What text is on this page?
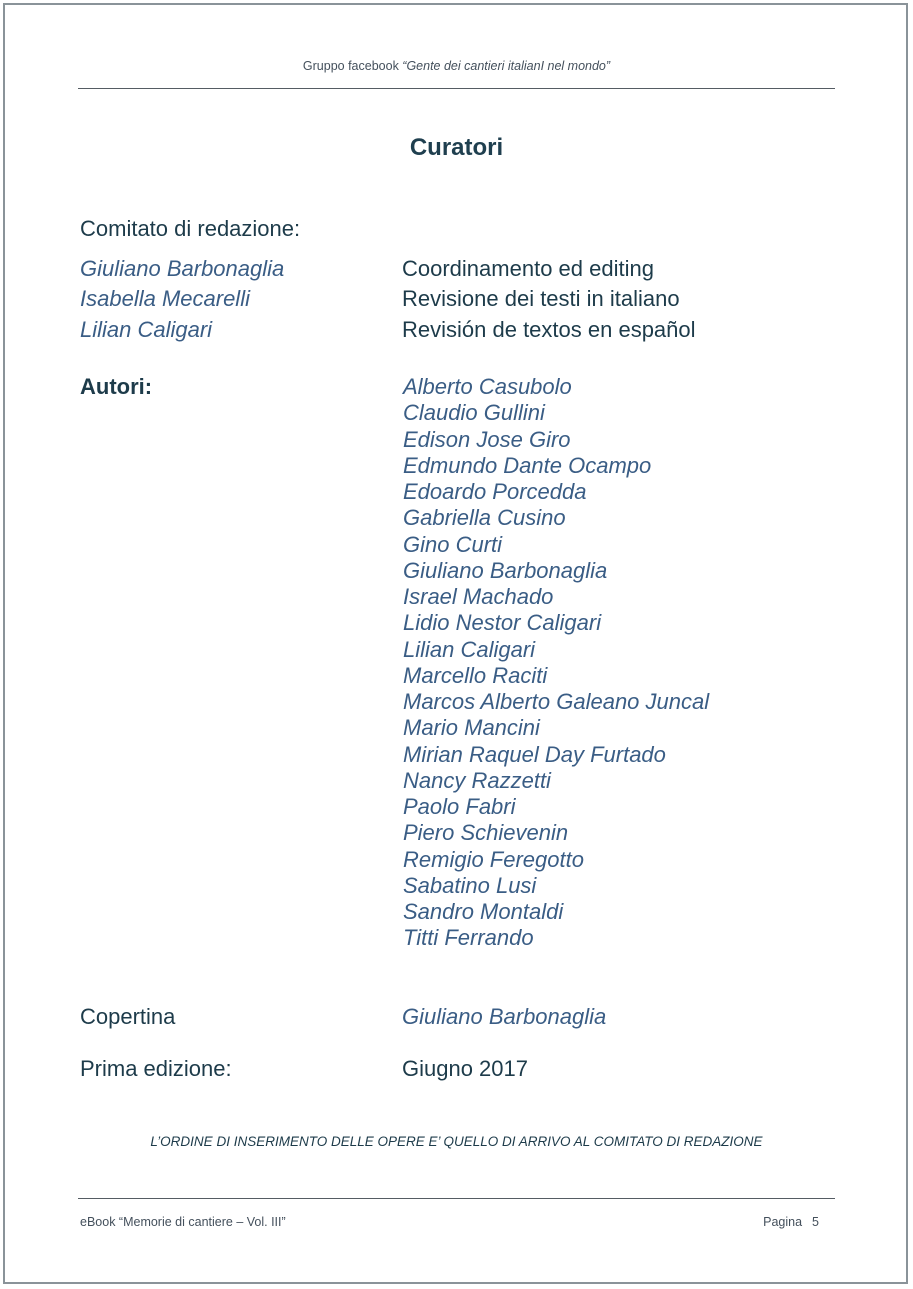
Gruppo facebook “Gente dei cantieri italianI nel mondo”
Curatori
Comitato di redazione:
Giuliano Barbonaglia	Coordinamento ed editing
Isabella Mecarelli	Revisione dei testi in italiano
Lilian Caligari	Revisión de textos en español
Autori:	Alberto Casubolo
Claudio Gullini
Edison Jose Giro
Edmundo Dante Ocampo
Edoardo Porcedda
Gabriella Cusino
Gino Curti
Giuliano Barbonaglia
Israel Machado
Lidio Nestor Caligari
Lilian Caligari
Marcello Raciti
Marcos Alberto Galeano Juncal
Mario Mancini
Mirian Raquel Day Furtado
Nancy Razzetti
Paolo Fabri
Piero Schievenin
Remigio Feregotto
Sabatino Lusi
Sandro Montaldi
Titti Ferrando
Copertina	Giuliano Barbonaglia
Prima edizione:	Giugno 2017
L’ORDINE DI INSERIMENTO DELLE OPERE E’ QUELLO DI ARRIVO AL COMITATO DI REDAZIONE
eBook “Memorie di cantiere – Vol. III”	Pagina 5
